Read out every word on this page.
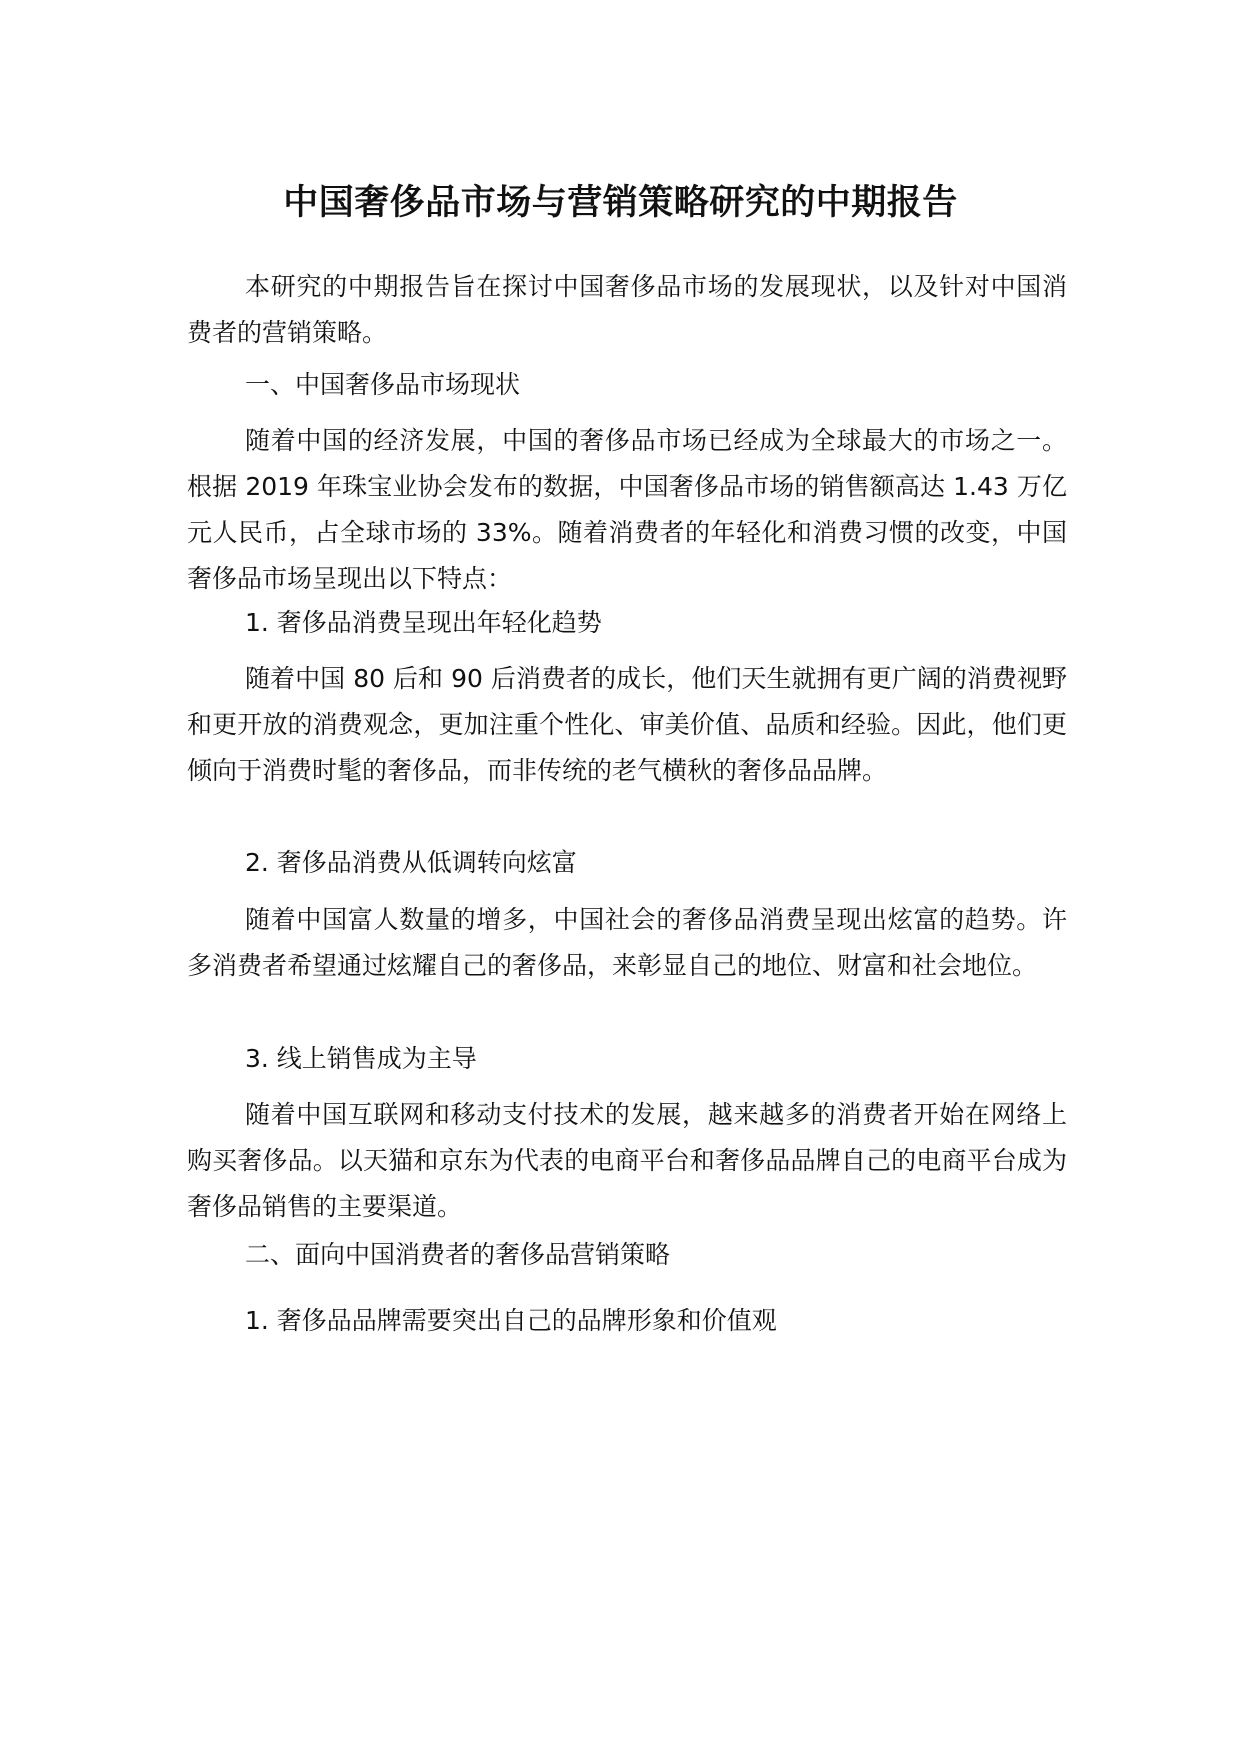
中国奢侈品市场与营销策略研究的中期报告

本研究的中期报告旨在探讨中国奢侈品市场的发展现状，以及针对中国消费者的营销策略。

一、中国奢侈品市场现状

随着中国的经济发展，中国的奢侈品市场已经成为全球最大的市场之一。根据 2019 年珠宝业协会发布的数据，中国奢侈品市场的销售额高达 1.43 万亿元人民币，占全球市场的 33%。随着消费者的年轻化和消费习惯的改变，中国奢侈品市场呈现出以下特点：

1. 奢侈品消费呈现出年轻化趋势

随着中国 80 后和 90 后消费者的成长，他们天生就拥有更广阔的消费视野和更开放的消费观念，更加注重个性化、审美价值、品质和经验。因此，他们更倾向于消费时髦的奢侈品，而非传统的老气横秋的奢侈品品牌。

2. 奢侈品消费从低调转向炫富

随着中国富人数量的增多，中国社会的奢侈品消费呈现出炫富的趋势。许多消费者希望通过炫耀自己的奢侈品，来彰显自己的地位、财富和社会地位。

3. 线上销售成为主导

随着中国互联网和移动支付技术的发展，越来越多的消费者开始在网络上购买奢侈品。以天猫和京东为代表的电商平台和奢侈品品牌自己的电商平台成为奢侈品销售的主要渠道。

二、面向中国消费者的奢侈品营销策略

1. 奢侈品品牌需要突出自己的品牌形象和价值观
